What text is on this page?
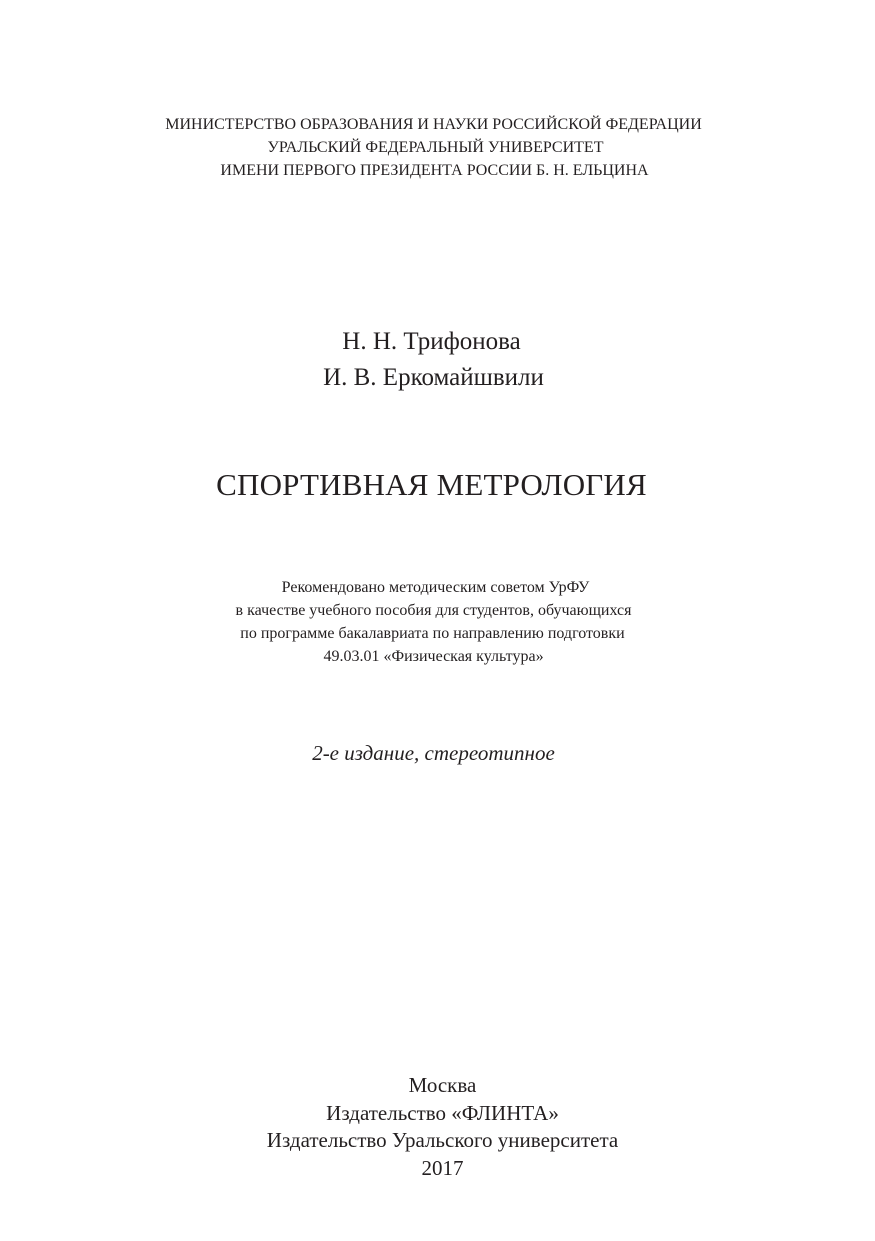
МИНИСТЕРСТВО ОБРАЗОВАНИЯ И НАУКИ РОССИЙСКОЙ ФЕДЕРАЦИИ
УРАЛЬСКИЙ ФЕДЕРАЛЬНЫЙ УНИВЕРСИТЕТ
ИМЕНИ ПЕРВОГО ПРЕЗИДЕНТА РОССИИ Б. Н. ЕЛЬЦИНА
Н. Н. Трифонова
И. В. Еркомайшвили
СПОРТИВНАЯ МЕТРОЛОГИЯ
Рекомендовано методическим советом УрФУ
в качестве учебного пособия для студентов, обучающихся
по программе бакалавриата по направлению подготовки
49.03.01 «Физическая культура»
2-е издание, стереотипное
Москва
Издательство «ФЛИНТА»
Издательство Уральского университета
2017
